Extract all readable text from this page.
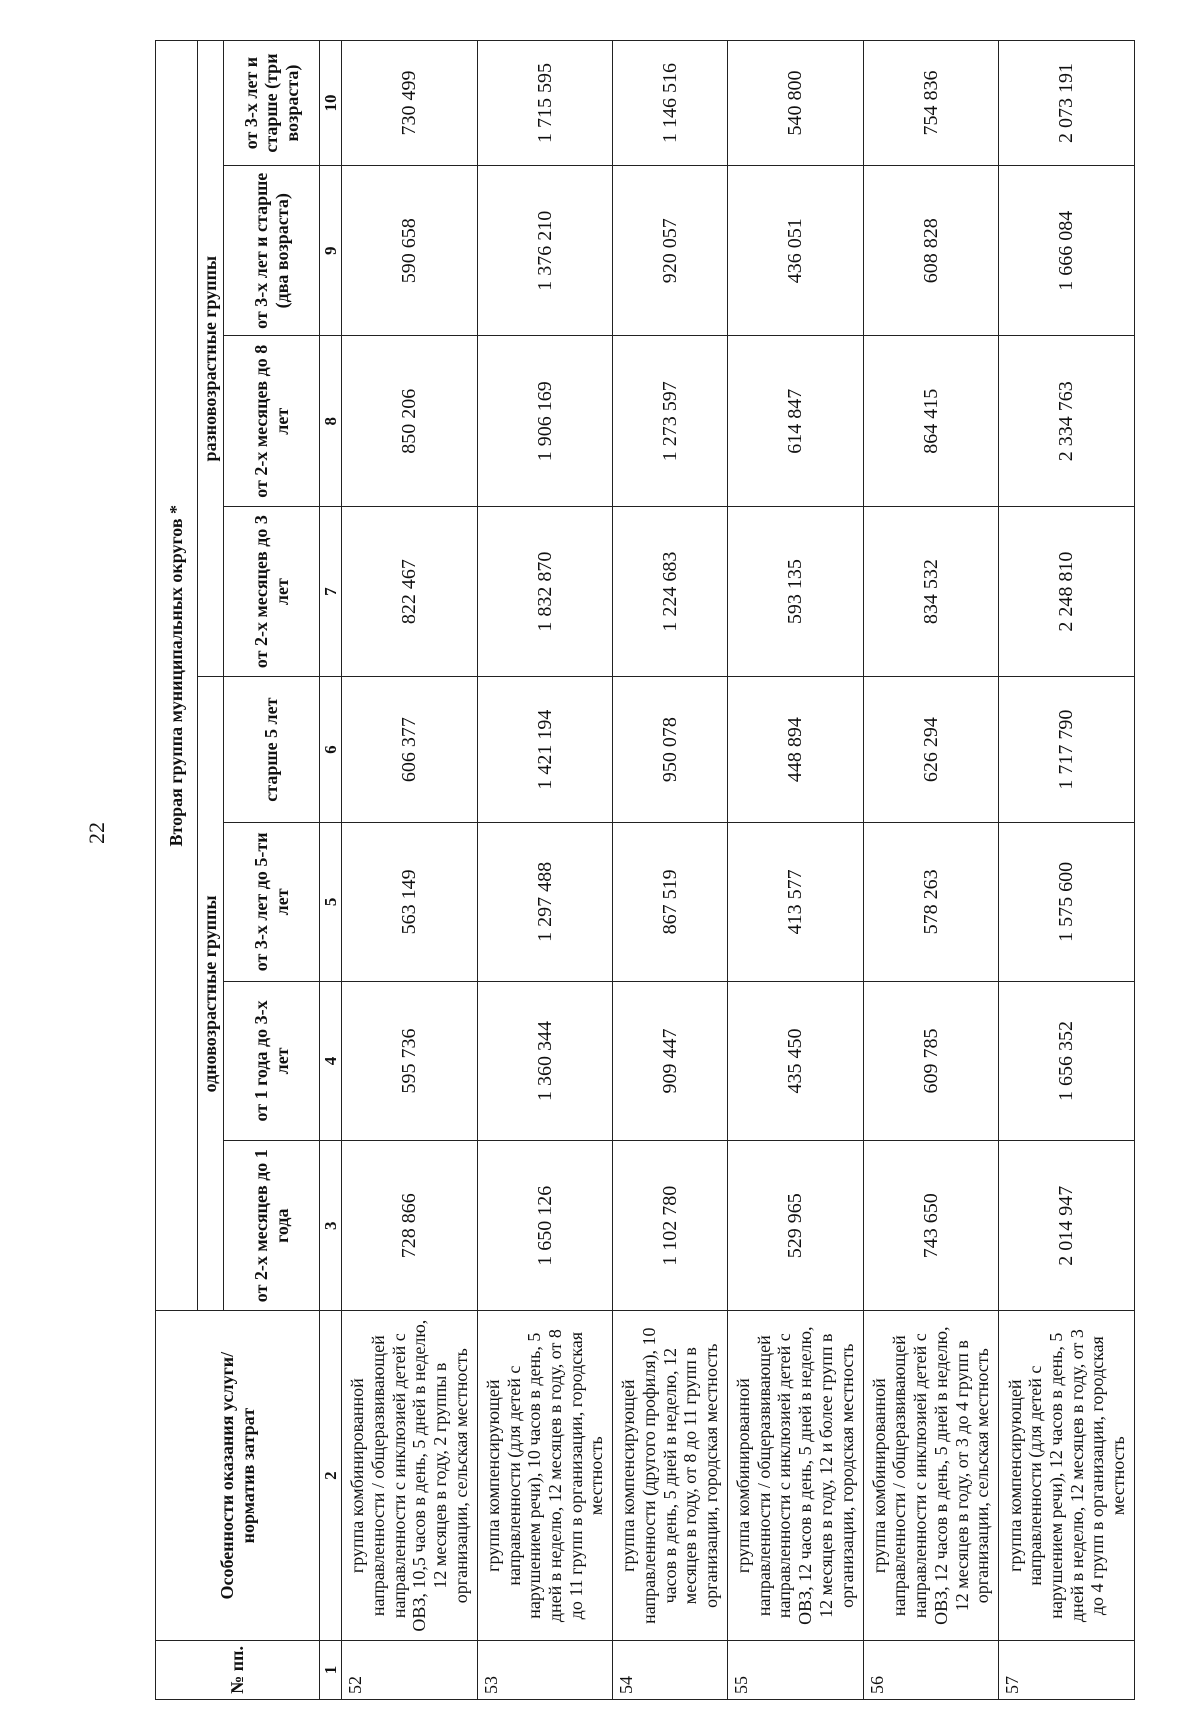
22
№ пп.	Особенности оказания услуги/норматив затрат	Вторая группа муниципальных округов *							
		одновозрастные группы				разновозрастные группы			
		от 2-х месяцев до 1 года	от 1 года до 3-х лет	от 3-х лет до 5-ти лет	старше 5 лет	от 2-х месяцев до 3 лет	от 2-х месяцев до 8 лет	от 3-х лет и старше (два возраста)	от 3-х лет и старше (три возраста)

1	2	3	4	5	6	7	8	9	10
52	группа комбинированной направленности / общеразвивающей направленности с инклюзией детей с ОВЗ, 10,5 часов в день, 5 дней в неделю, 12 месяцев в году, 2 группы в организации, сельская местность	728 866	595 736	563 149	606 377	822 467	850 206	590 658	730 499
53	группа компенсирующей направленности (для детей с нарушением речи), 10 часов в день, 5 дней в неделю, 12 месяцев в году, от 8 до 11 групп в организации, городская местность	1 650 126	1 360 344	1 297 488	1 421 194	1 832 870	1 906 169	1 376 210	1 715 595
54	группа компенсирующей направленности (другого профиля), 10 часов в день, 5 дней в неделю, 12 месяцев в году, от 8 до 11 групп в организации, городская местность	1 102 780	909 447	867 519	950 078	1 224 683	1 273 597	920 057	1 146 516
55	группа комбинированной направленности / общеразвивающей направленности с инклюзией детей с ОВЗ, 12 часов в день, 5 дней в неделю, 12 месяцев в году, 12 и более групп в организации, городская местность	529 965	435 450	413 577	448 894	593 135	614 847	436 051	540 800
56	группа комбинированной направленности / общеразвивающей направленности с инклюзией детей с ОВЗ, 12 часов в день, 5 дней в неделю, 12 месяцев в году, от 3 до 4 групп в организации, сельская местность	743 650	609 785	578 263	626 294	834 532	864 415	608 828	754 836
57	группа компенсирующей направленности (для детей с нарушением речи), 12 часов в день, 5 дней в неделю, 12 месяцев в году, от 3 до 4 групп в организации, городская местность	2 014 947	1 656 352	1 575 600	1 717 790	2 248 810	2 334 763	1 666 084	2 073 191
